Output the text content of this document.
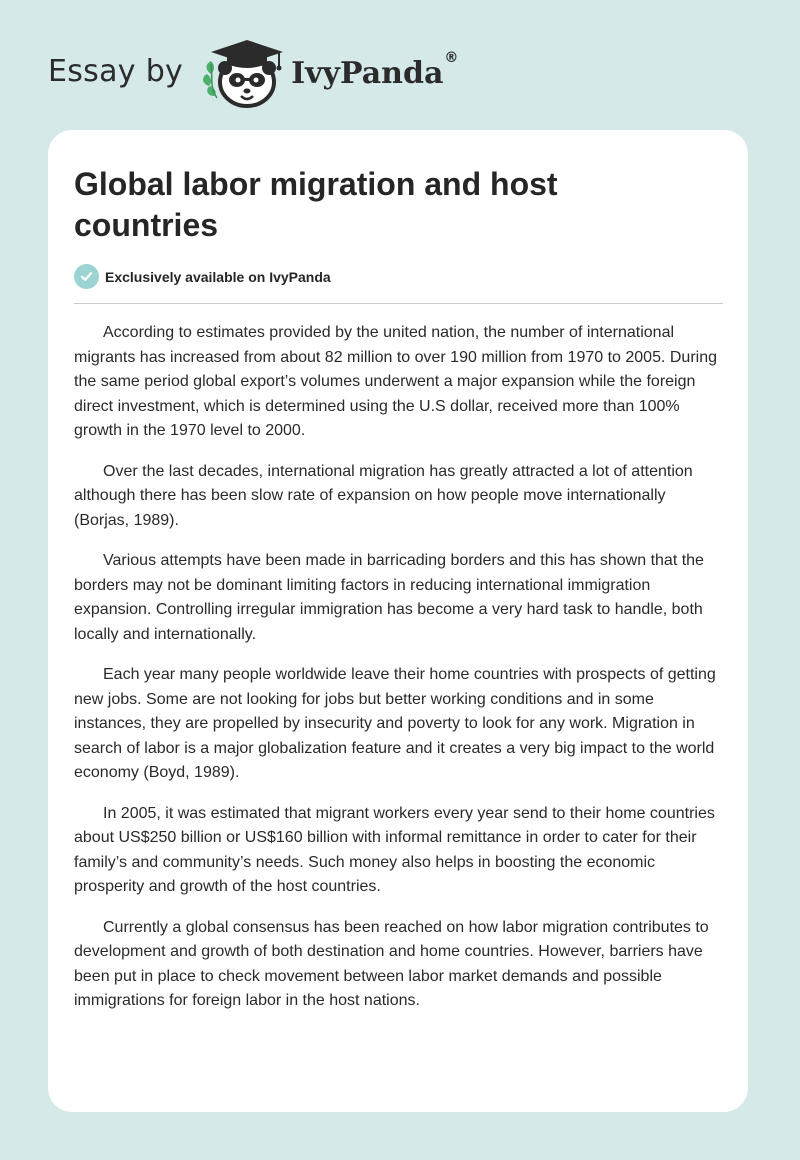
Essay by	IvyPanda®
Global labor migration and host countries
Exclusively available on IvyPanda

According to estimates provided by the united nation, the number of international migrants has increased from about 82 million to over 190 million from 1970 to 2005. During the same period global export’s volumes underwent a major expansion while the foreign direct investment, which is determined using the U.S dollar, received more than 100% growth in the 1970 level to 2000.

Over the last decades, international migration has greatly attracted a lot of attention although there has been slow rate of expansion on how people move internationally (Borjas, 1989).

Various attempts have been made in barricading borders and this has shown that the borders may not be dominant limiting factors in reducing international immigration expansion. Controlling irregular immigration has become a very hard task to handle, both locally and internationally.

Each year many people worldwide leave their home countries with prospects of getting new jobs. Some are not looking for jobs but better working conditions and in some instances, they are propelled by insecurity and poverty to look for any work. Migration in search of labor is a major globalization feature and it creates a very big impact to the world economy (Boyd, 1989).

In 2005, it was estimated that migrant workers every year send to their home countries about US$250 billion or US$160 billion with informal remittance in order to cater for their family’s and community’s needs. Such money also helps in boosting the economic prosperity and growth of the host countries.

Currently a global consensus has been reached on how labor migration contributes to development and growth of both destination and home countries. However, barriers have been put in place to check movement between labor market demands and possible immigrations for foreign labor in the host nations.
